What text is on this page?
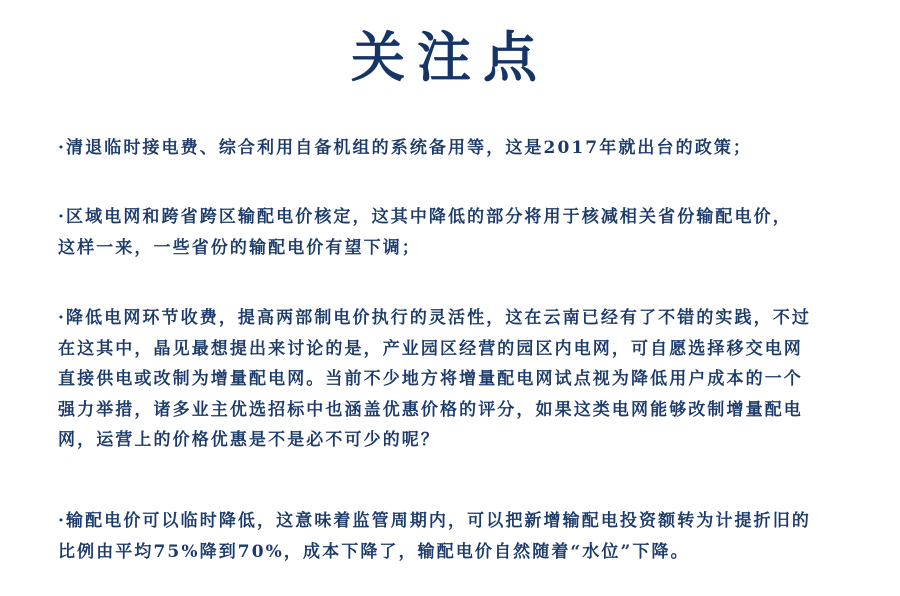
关注点
·清退临时接电费、综合利用自备机组的系统备用等，这是2017年就出台的政策；
·区域电网和跨省跨区输配电价核定，这其中降低的部分将用于核减相关省份输配电价，
这样一来，一些省份的输配电价有望下调；
·降低电网环节收费，提高两部制电价执行的灵活性，这在云南已经有了不错的实践，不过
在这其中，晶见最想提出来讨论的是，产业园区经营的园区内电网，可自愿选择移交电网
直接供电或改制为增量配电网。当前不少地方将增量配电网试点视为降低用户成本的一个
强力举措，诸多业主优选招标中也涵盖优惠价格的评分，如果这类电网能够改制增量配电
网，运营上的价格优惠是不是必不可少的呢？
·输配电价可以临时降低，这意味着监管周期内，可以把新增输配电投资额转为计提折旧的
比例由平均75%降到70%，成本下降了，输配电价自然随着“水位”下降。
